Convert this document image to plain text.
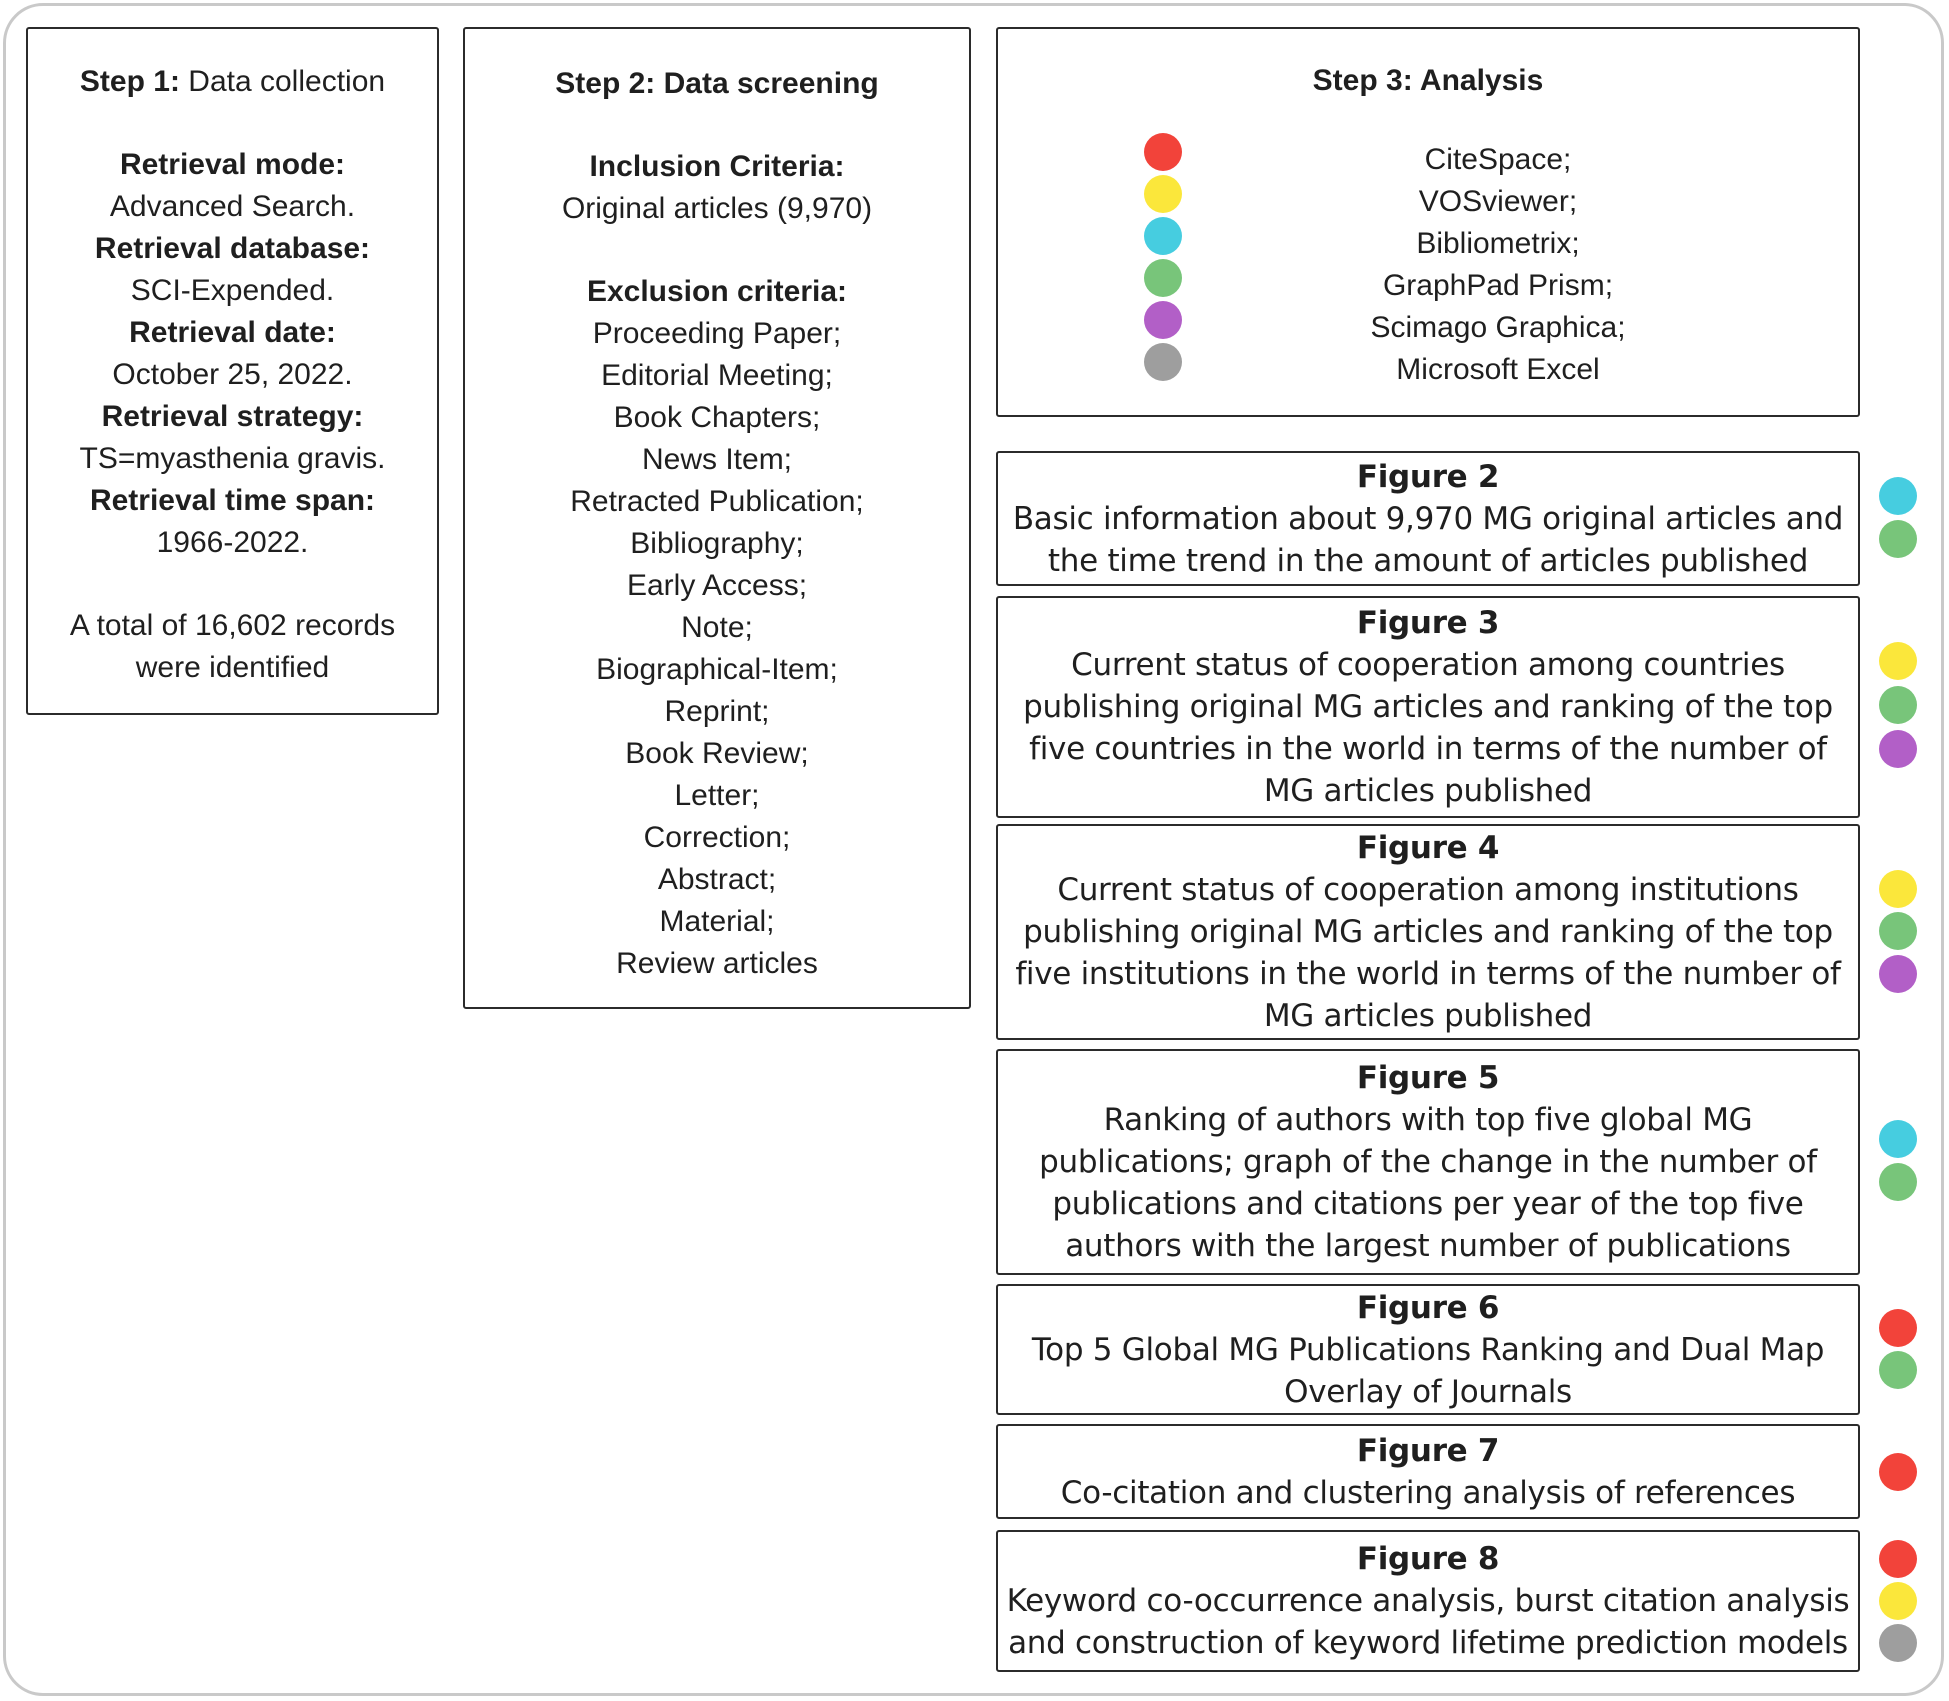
Step 1: Data collection
Retrieval mode:
Advanced Search.
Retrieval database:
SCI-Expended.
Retrieval date:
October 25, 2022.
Retrieval strategy:
TS=myasthenia gravis.
Retrieval time span:
1966-2022.
A total of 16,602 records
were identified
Step 2: Data screening
Inclusion Criteria:
Original articles (9,970)
Exclusion criteria:
Proceeding Paper;
Editorial Meeting;
Book Chapters;
News Item;
Retracted Publication;
Bibliography;
Early Access;
Note;
Biographical-Item;
Reprint;
Book Review;
Letter;
Correction;
Abstract;
Material;
Review articles
Step 3: Analysis
CiteSpace;
VOSviewer;
Bibliometrix;
GraphPad Prism;
Scimago Graphica;
Microsoft Excel
Figure 2
Basic information about 9,970 MG original articles and
the time trend in the amount of articles published
Figure 3
Current status of cooperation among countries
publishing original MG articles and ranking of the top
five countries in the world in terms of the number of
MG articles published
Figure 4
Current status of cooperation among institutions
publishing original MG articles and ranking of the top
five institutions in the world in terms of the number of
MG articles published
Figure 5
Ranking of authors with top five global MG
publications; graph of the change in the number of
publications and citations per year of the top five
authors with the largest number of publications
Figure 6
Top 5 Global MG Publications Ranking and Dual Map
Overlay of Journals
Figure 7
Co-citation and clustering analysis of references
Figure 8
Keyword co-occurrence analysis, burst citation analysis
and construction of keyword lifetime prediction models
